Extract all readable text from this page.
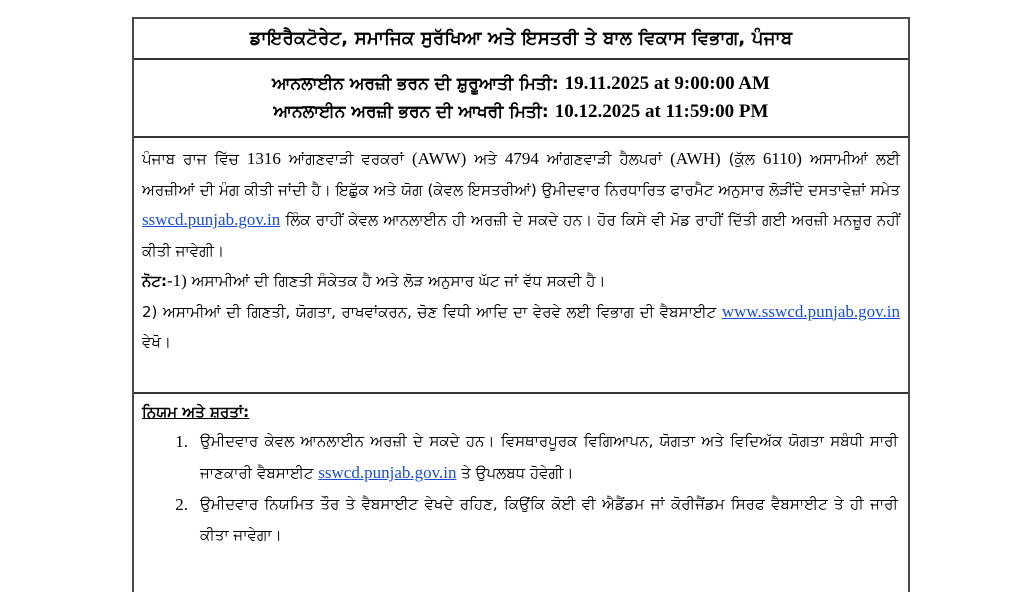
ਡਾਇਰੈਕਟੋਰੇਟ, ਸਮਾਜਿਕ ਸੁਰੱਖਿਆ ਅਤੇ ਇਸਤਰੀ ਤੇ ਬਾਲ ਵਿਕਾਸ ਵਿਭਾਗ, ਪੰਜਾਬ
ਆਨਲਾਈਨ ਅਰਜ਼ੀ ਭਰਨ ਦੀ ਸ਼ੁਰੂਆਤੀ ਮਿਤੀ: 19.11.2025 at 9:00:00 AM
ਆਨਲਾਈਨ ਅਰਜ਼ੀ ਭਰਨ ਦੀ ਆਖਰੀ ਮਿਤੀ: 10.12.2025 at 11:59:00 PM
ਪੰਜਾਬ ਰਾਜ ਵਿੱਚ 1316 ਆਂਗਣਵਾੜੀ ਵਰਕਰਾਂ (AWW) ਅਤੇ 4794 ਆਂਗਣਵਾੜੀ ਹੈਲਪਰਾਂ (AWH) (ਕੁੱਲ 6110) ਅਸਾਮੀਆਂ ਲਈ ਅਰਜ਼ੀਆਂ ਦੀ ਮੰਗ ਕੀਤੀ ਜਾਂਦੀ ਹੈ। ਇਛੁੱਕ ਅਤੇ ਯੋਗ (ਕੇਵਲ ਇਸਤਰੀਆਂ) ਉਮੀਦਵਾਰ ਨਿਰਧਾਰਿਤ ਫਾਰਮੈਟ ਅਨੁਸਾਰ ਲੋੜੀਂਦੇ ਦਸਤਾਵੇਜ਼ਾਂ ਸਮੇਤ sswcd.punjab.gov.in ਲਿੰਕ ਰਾਹੀਂ ਕੇਵਲ ਆਨਲਾਈਨ ਹੀ ਅਰਜ਼ੀ ਦੇ ਸਕਦੇ ਹਨ। ਹੋਰ ਕਿਸੇ ਵੀ ਮੋਡ ਰਾਹੀਂ ਦਿੱਤੀ ਗਈ ਅਰਜ਼ੀ ਮਨਜ਼ੂਰ ਨਹੀਂ ਕੀਤੀ ਜਾਵੇਗੀ।
ਨੋਟ:-1) ਅਸਾਮੀਆਂ ਦੀ ਗਿਣਤੀ ਸੰਕੇਤਕ ਹੈ ਅਤੇ ਲੋੜ ਅਨੁਸਾਰ ਘੱਟ ਜਾਂ ਵੱਧ ਸਕਦੀ ਹੈ।
2) ਅਸਾਮੀਆਂ ਦੀ ਗਿਣਤੀ, ਯੋਗਤਾ, ਰਾਖਵਾਂਕਰਨ, ਚੋਣ ਵਿਧੀ ਆਦਿ ਦਾ ਵੇਰਵੇ ਲਈ ਵਿਭਾਗ ਦੀ ਵੈਬਸਾਈਟ www.sswcd.punjab.gov.in ਵੇਖੋ।
ਨਿਯਮ ਅਤੇ ਸ਼ਰਤਾਂ:
1. ਉਮੀਦਵਾਰ ਕੇਵਲ ਆਨਲਾਈਨ ਅਰਜ਼ੀ ਦੇ ਸਕਦੇ ਹਨ। ਵਿਸਥਾਰਪੂਰਕ ਵਿਗਿਆਪਨ, ਯੋਗਤਾ ਅਤੇ ਵਿਦਿਅੱਕ ਯੋਗਤਾ ਸਬੰਧੀ ਸਾਰੀ ਜਾਣਕਾਰੀ ਵੈਬਸਾਈਟ sswcd.punjab.gov.in ਤੇ ਉਪਲਬਧ ਹੋਵੇਗੀ।
2. ਉਮੀਦਵਾਰ ਨਿਯਮਿਤ ਤੌਰ ਤੇ ਵੈਬਸਾਈਟ ਵੇਖਦੇ ਰਹਿਣ, ਕਿਉਂਕਿ ਕੋਈ ਵੀ ਐਡੈਂਡਮ ਜਾਂ ਕੋਰੀਜੈਂਡਮ ਸਿਰਫ ਵੈਬਸਾਈਟ ਤੇ ਹੀ ਜਾਰੀ ਕੀਤਾ ਜਾਵੇਗਾ।
